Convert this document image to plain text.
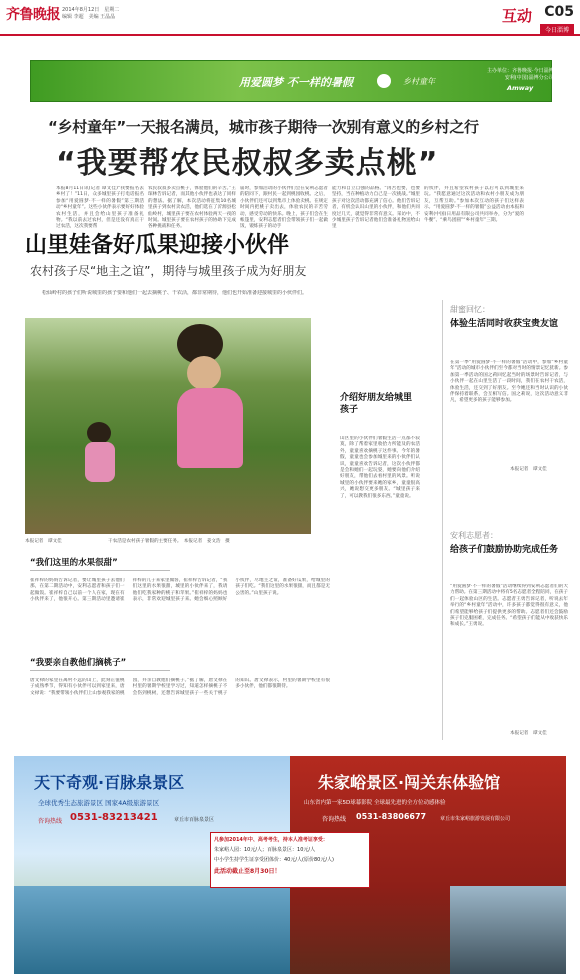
齐鲁晚报 2014年8月12日　星期二
编辑 李超　美编 王晶晶	互动 C05
今日淄博
用爱圆梦 不一样的暑假	乡村童年
主办单位：齐鲁晚报·今日淄博
安利(中国)淄博分公司
Amway
“乡村童年”一天报名满员，城市孩子期待一次别有意义的乡村之行
“我要帮农民叔叔多卖点桃”
本报8月11日讯(记者 谭文佳)“我要报名去乡村了！”11日，众多城里孩子打电话报名参加“用爱圆梦·不一样的暑假”第三期活动“乡村童年”。这些小伙伴表示要好好体验农村生活，并且会给山里孩子准备礼物。“我以前去过农村，但是还没有真正干过农活，这次我要帮
农民叔叔多卖点桃子，体验他们的辛苦。”王琛林告诉记者，而其他小伙伴也表达了同样的想法。据了解，本次活动将征集10名城里孩子到农村卖农活，他们选在了沂源县松仙岭村，城里孩子要在农村体验两天一夜的时间。城里孩子要在农村孩子的协助下完成各种挑战和任务。
届时，参加活动的小伙伴们会在安利志愿者的陪同下，跟村民一起到桃园收桃。之后，小伙伴们还可以到集市上体验卖桃。在规定时间内把桃子卖出去，体验农民的辛苦劳动，感受劳动的快乐。晚上，孩子们会在生帐篷里，安利志愿者们会带领孩子们一起做饭，锻炼孩子的动手
能力和自立自强的品格。“再苦也要，也要坚持，当在种植动力自己是一次挑战。”城里孩子对这次活动都充满了信心。他们告诉记者，有机会认识山里的小伙伴，和他们共同度过几天，就觉得非常有意义。采访中，不少城里孩子告诉记者他们会准备礼物送给山里
的伙伴，并且希望农村孩子以后可以到城里来玩。“我愿意通过这次活动和农村小朋友成为朋友，互帮互助。”参加本次互动的孩子们这样表示。“用爱圆梦·不一样的暑假”公益活动由本报和安利(中国)日用品有限公司共同举办，分为“爱的牛餐”、“乘鸟团圆”“乡村童年”三期。
山里娃备好瓜果迎接小伙伴
农村孩子尽“地主之谊”，期待与城里孩子成为好朋友
松仙岭村的孩子们听说城里的孩子要和他们一起去摘桃子、干农活，都非常期待，他们也开始准备迎接城里的小伙伴们。
干农活是农村孩子暑假的主要任务。　本报记者　姜文浩　摄
本报记者　谭文佳
介绍好朋友给城里孩子
山区里的小伙伴们暑假生活一点都不寂寞，除了帮着家里收拾力所能及的农活外，童童喜欢摘桃子这件事。今年的暑假，童童也会参加城里来的小伙伴们认识，童童喜欢告诉记者，这次小伙伴都是会和她们一起玩耍，她要向他们介绍好朋友，带他们去看村里的风景。听说城里的小伙伴要来她的家乡，童童很高兴，她说想交更多朋友。“城里孩子来了，可以教我们很多东西。”童童说。
“我们这里的水果很甜”
崔祥梓的妈妈告诉记者，要让城里孩子去他们那，在第二期活动中，安利志愿者和孩子们一起做饭。崔祥梓自己以前一个人在家，现在有小伙伴来了，他很开心。第三期活动里邀请崔祥梓的儿子来家里做客，崔祥梓告诉记者，“我们这里的水果很甜，城里的小伙伴来了，我请他们吃我家种的桃子和苹果。”崔祥梓的妈妈也表示，非常欢迎城里孩子来。她会细心照顾好小伙伴，尽地主之谊，准备好瓜果，给城里的孩子们吃。“我们这里的水果很甜，而且都是无公害的。”山里孩子说。
“我要亲自教他们摘桃子”
唐文禄的家里在离村不远的山上，此刻正值桃子成熟季节，得知有小伙伴可以到家里来，唐文禄说：“我要带领小伙伴们上山参观我家的桃园，并亲自教他们摘桃子。”据了解，唐文禄在村里的暑期学校里学习过，知道怎样摘桃子不会伤到桃树，还想告诉城里孩子一些关于桃子的知识。唐文禄表示，村里的暑期学校里有很多小伙伴，他们都很期待。
甜蜜回忆：
体验生活同时收获宝贵友谊
在第一季“用爱圆梦·不一样的暑假”活动中，参加“乡村童年”活动的城市小伙伴们至今都对当时的情景记忆犹新。参加第一季活动的国之莉回忆起当时的场景时告诉记者，与小伙伴一起在山里生活了一段时间，我们在农村干农活，体验生活，还交到了好朋友。至今她还和当时认识的小伙伴保持着联系，会互相写信。国之莉说，这次活动意义非凡，希望更多的孩子能够参加。
本报记者　谭文佳
安利志愿者：
给孩子们鼓励协助完成任务
“用爱圆梦·不一样的暑假”活动继续得到安利志愿者们的大力帮助。在第三期活动中将有5名志愿者全程陪同，在孩子们一起体验山区的生活。志愿者王勇告诉记者，听说去年举行的“乡村童年”活动中，许多孩子都觉得很有意义，他们希望能够给孩子们提供更多的帮助。志愿者们还会鼓励孩子们克服困难，完成任务。“希望孩子们能从中收获快乐和成长。”王勇说。
本报记者　谭文佳
天下奇观·百脉泉景区
全球优秀生态旅游景区 国家4A级旅游景区
咨询热线 0531-83213421	章丘市百脉泉景区
朱家峪景区·闯关东体验馆
山东省内第一家5D球幕影院 全球最先进的全方位动感体验
咨询热线 0531-83806677	章丘市朱家峪旅游发展有限公司
凡参加2014年中、高考考生，持本人准考证享受：
朱家峪人园：10元/人；百脉泉景区：10元/人
中小学生持学生证享受团体价：40元/人(原价80元/人)
此活动截止至8月30日！
